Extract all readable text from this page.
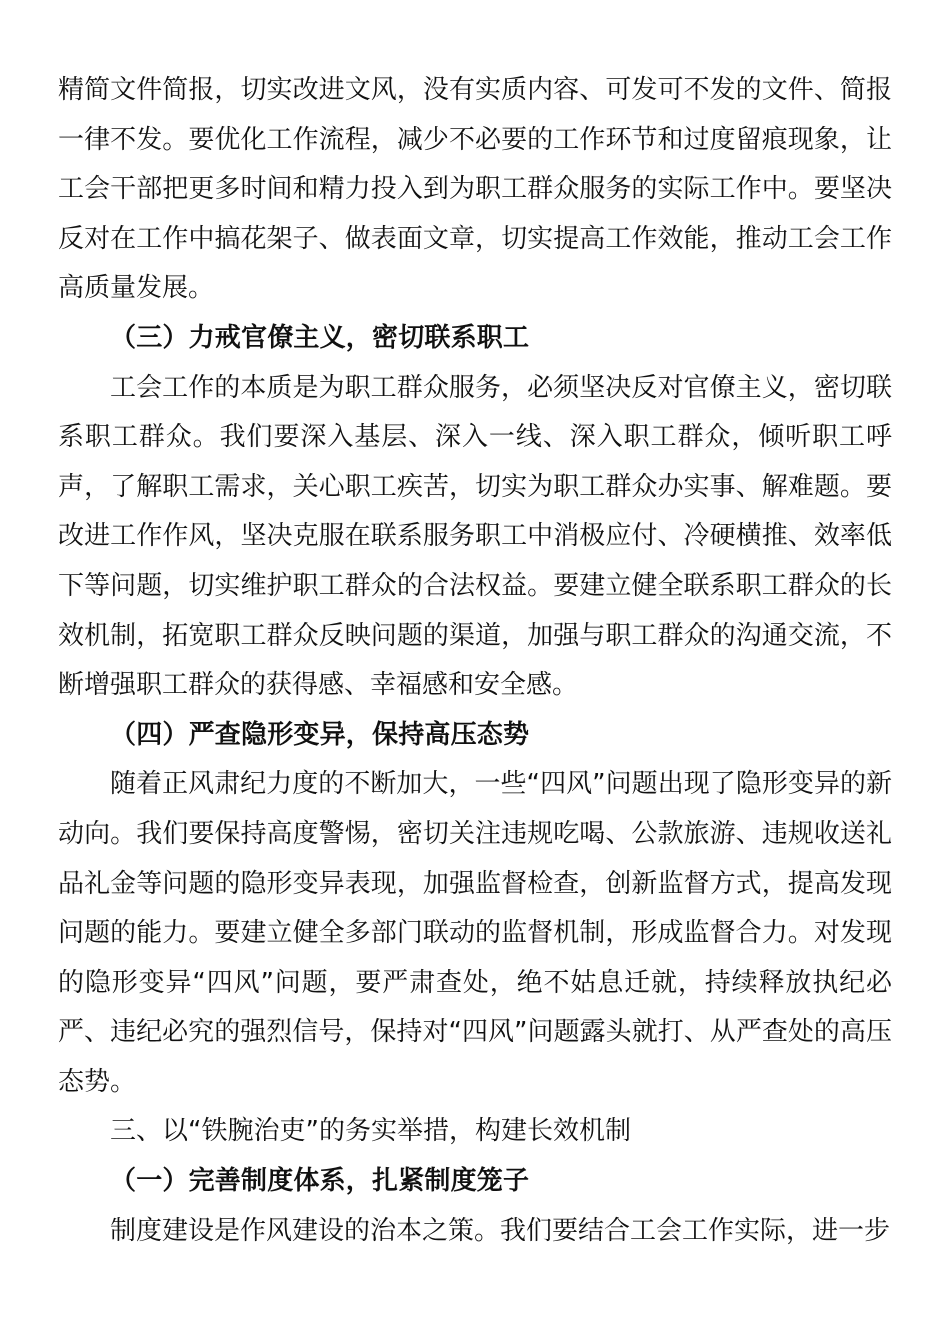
精简文件简报，切实改进文风，没有实质内容、可发可不发的文件、简报一律不发。要优化工作流程，减少不必要的工作环节和过度留痕现象，让工会干部把更多时间和精力投入到为职工群众服务的实际工作中。要坚决反对在工作中搞花架子、做表面文章，切实提高工作效能，推动工会工作高质量发展。

（三）力戒官僚主义，密切联系职工

工会工作的本质是为职工群众服务，必须坚决反对官僚主义，密切联系职工群众。我们要深入基层、深入一线、深入职工群众，倾听职工呼声，了解职工需求，关心职工疾苦，切实为职工群众办实事、解难题。要改进工作作风，坚决克服在联系服务职工中消极应付、冷硬横推、效率低下等问题，切实维护职工群众的合法权益。要建立健全联系职工群众的长效机制，拓宽职工群众反映问题的渠道，加强与职工群众的沟通交流，不断增强职工群众的获得感、幸福感和安全感。

（四）严查隐形变异，保持高压态势

随着正风肃纪力度的不断加大，一些“四风”问题出现了隐形变异的新动向。我们要保持高度警惕，密切关注违规吃喝、公款旅游、违规收送礼品礼金等问题的隐形变异表现，加强监督检查，创新监督方式，提高发现问题的能力。要建立健全多部门联动的监督机制，形成监督合力。对发现的隐形变异“四风”问题，要严肃查处，绝不姑息迁就，持续释放执纪必严、违纪必究的强烈信号，保持对“四风”问题露头就打、从严查处的高压态势。

三、以“铁腕治吏”的务实举措，构建长效机制

（一）完善制度体系，扎紧制度笼子

制度建设是作风建设的治本之策。我们要结合工会工作实际，进一步
